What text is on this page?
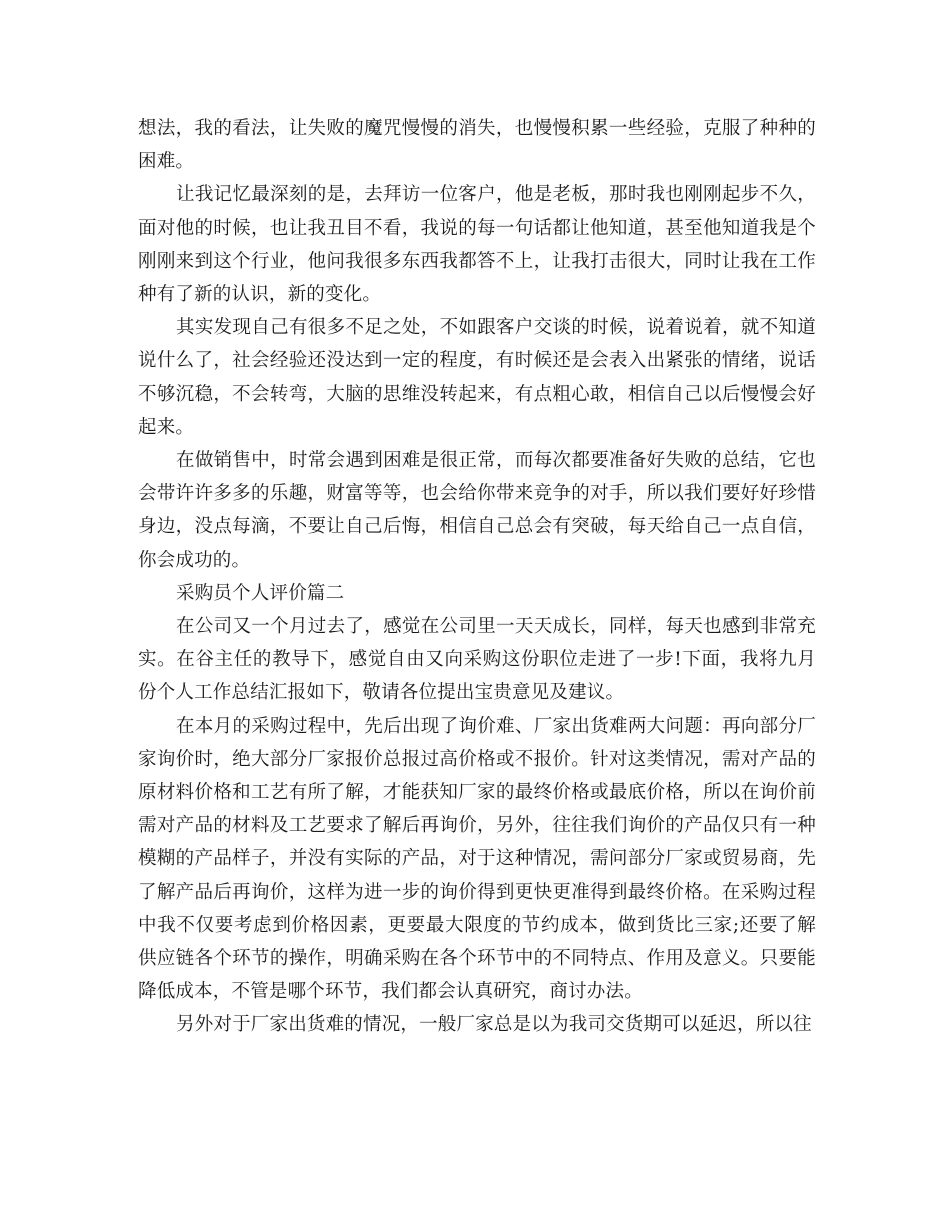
想法，我的看法，让失败的魔咒慢慢的消失，也慢慢积累一些经验，克服了种种的困难。

让我记忆最深刻的是，去拜访一位客户，他是老板，那时我也刚刚起步不久，面对他的时候，也让我丑目不看，我说的每一句话都让他知道，甚至他知道我是个刚刚来到这个行业，他问我很多东西我都答不上，让我打击很大，同时让我在工作种有了新的认识，新的变化。

其实发现自己有很多不足之处，不如跟客户交谈的时候，说着说着，就不知道说什么了，社会经验还没达到一定的程度，有时候还是会表入出紧张的情绪，说话不够沉稳，不会转弯，大脑的思维没转起来，有点粗心敢，相信自己以后慢慢会好起来。

在做销售中，时常会遇到困难是很正常，而每次都要准备好失败的总结，它也会带许许多多的乐趣，财富等等，也会给你带来竞争的对手，所以我们要好好珍惜身边，没点每滴，不要让自己后悔，相信自己总会有突破，每天给自己一点自信，你会成功的。

采购员个人评价篇二

在公司又一个月过去了，感觉在公司里一天天成长，同样，每天也感到非常充实。在谷主任的教导下，感觉自由又向采购这份职位走进了一步!下面，我将九月份个人工作总结汇报如下，敬请各位提出宝贵意见及建议。

在本月的采购过程中，先后出现了询价难、厂家出货难两大问题：再向部分厂家询价时，绝大部分厂家报价总报过高价格或不报价。针对这类情况，需对产品的原材料价格和工艺有所了解，才能获知厂家的最终价格或最底价格，所以在询价前需对产品的材料及工艺要求了解后再询价，另外，往往我们询价的产品仅只有一种模糊的产品样子，并没有实际的产品，对于这种情况，需问部分厂家或贸易商，先了解产品后再询价，这样为进一步的询价得到更快更准得到最终价格。在采购过程中我不仅要考虑到价格因素，更要最大限度的节约成本，做到货比三家;还要了解供应链各个环节的操作，明确采购在各个环节中的不同特点、作用及意义。只要能降低成本，不管是哪个环节，我们都会认真研究，商讨办法。

另外对于厂家出货难的情况，一般厂家总是以为我司交货期可以延迟，所以往
